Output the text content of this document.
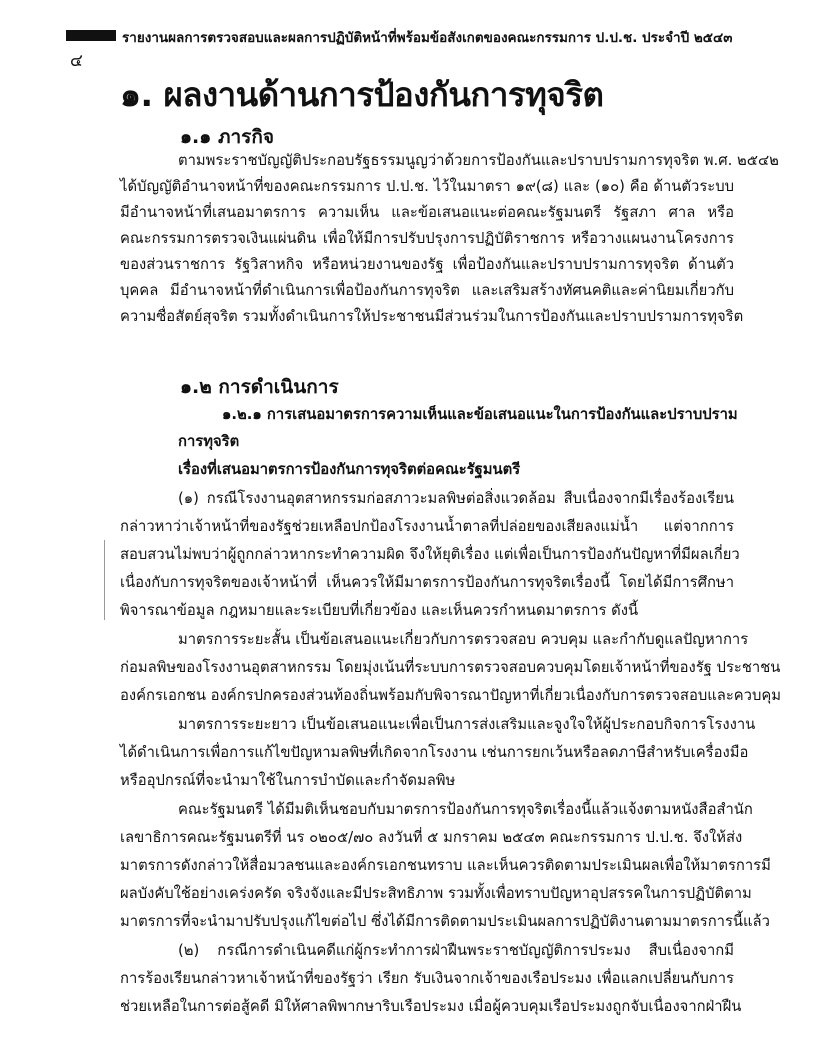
รายงานผลการตรวจสอบและผลการปฏิบัติหน้าที่พร้อมข้อสังเกตของคณะกรรมการ ป.ป.ช. ประจำปี ๒๕๔๓
๔
๑. ผลงานด้านการป้องกันการทุจริต
๑.๑ ภารกิจ
ตามพระราชบัญญัติประกอบรัฐธรรมนูญว่าด้วยการป้องกันและปราบปรามการทุจริต พ.ศ. ๒๕๔๒
ได้บัญญัติอำนาจหน้าที่ของคณะกรรมการ ป.ป.ช. ไว้ในมาตรา ๑๙(๘) และ (๑๐) คือ ด้านตัวระบบ
มีอำนาจหน้าที่เสนอมาตรการ ความเห็น และข้อเสนอแนะต่อคณะรัฐมนตรี รัฐสภา ศาล หรือ
คณะกรรมการตรวจเงินแผ่นดิน เพื่อให้มีการปรับปรุงการปฏิบัติราชการ หรือวางแผนงานโครงการ
ของส่วนราชการ รัฐวิสาหกิจ หรือหน่วยงานของรัฐ เพื่อป้องกันและปราบปรามการทุจริต ด้านตัว
บุคคล มีอำนาจหน้าที่ดำเนินการเพื่อป้องกันการทุจริต และเสริมสร้างทัศนคติและค่านิยมเกี่ยวกับ
ความซื่อสัตย์สุจริต รวมทั้งดำเนินการให้ประชาชนมีส่วนร่วมในการป้องกันและปราบปรามการทุจริต
๑.๒ การดำเนินการ
๑.๒.๑ การเสนอมาตรการความเห็นและข้อเสนอแนะในการป้องกันและปราบปราม
การทุจริต
เรื่องที่เสนอมาตรการป้องกันการทุจริตต่อคณะรัฐมนตรี
(๑) กรณีโรงงานอุตสาหกรรมก่อสภาวะมลพิษต่อสิ่งแวดล้อม สืบเนื่องจากมีเรื่องร้องเรียน
กล่าวหาว่าเจ้าหน้าที่ของรัฐช่วยเหลือปกป้องโรงงานน้ำตาลที่ปล่อยของเสียลงแม่น้ำ แต่จากการ
สอบสวนไม่พบว่าผู้ถูกกล่าวหากระทำความผิด จึงให้ยุติเรื่อง แต่เพื่อเป็นการป้องกันปัญหาที่มีผลเกี่ยว
เนื่องกับการทุจริตของเจ้าหน้าที่ เห็นควรให้มีมาตรการป้องกันการทุจริตเรื่องนี้ โดยได้มีการศึกษา
พิจารณาข้อมูล กฎหมายและระเบียบที่เกี่ยวข้อง และเห็นควรกำหนดมาตรการ ดังนี้
มาตรการระยะสั้น เป็นข้อเสนอแนะเกี่ยวกับการตรวจสอบ ควบคุม และกำกับดูแลปัญหาการ
ก่อมลพิษของโรงงานอุตสาหกรรม โดยมุ่งเน้นที่ระบบการตรวจสอบควบคุมโดยเจ้าหน้าที่ของรัฐ ประชาชน
องค์กรเอกชน องค์กรปกครองส่วนท้องถิ่นพร้อมกับพิจารณาปัญหาที่เกี่ยวเนื่องกับการตรวจสอบและควบคุม
มาตรการระยะยาว เป็นข้อเสนอแนะเพื่อเป็นการส่งเสริมและจูงใจให้ผู้ประกอบกิจการโรงงาน
ได้ดำเนินการเพื่อการแก้ไขปัญหามลพิษที่เกิดจากโรงงาน เช่นการยกเว้นหรือลดภาษีสำหรับเครื่องมือ
หรืออุปกรณ์ที่จะนำมาใช้ในการบำบัดและกำจัดมลพิษ
คณะรัฐมนตรี ได้มีมติเห็นชอบกับมาตรการป้องกันการทุจริตเรื่องนี้แล้วแจ้งตามหนังสือสำนัก
เลขาธิการคณะรัฐมนตรีที่ นร ๐๒๐๕/๗๐ ลงวันที่ ๕ มกราคม ๒๕๔๓ คณะกรรมการ ป.ป.ช. จึงให้ส่ง
มาตรการดังกล่าวให้สื่อมวลชนและองค์กรเอกชนทราบ และเห็นควรติดตามประเมินผลเพื่อให้มาตรการมี
ผลบังคับใช้อย่างเคร่งครัด จริงจังและมีประสิทธิภาพ รวมทั้งเพื่อทราบปัญหาอุปสรรคในการปฏิบัติตาม
มาตรการที่จะนำมาปรับปรุงแก้ไขต่อไป ซึ่งได้มีการติดตามประเมินผลการปฏิบัติงานตามมาตรการนี้แล้ว
(๒) กรณีการดำเนินคดีแก่ผู้กระทำการฝ่าฝืนพระราชบัญญัติการประมง สืบเนื่องจากมี
การร้องเรียนกล่าวหาเจ้าหน้าที่ของรัฐว่า เรียก รับเงินจากเจ้าของเรือประมง เพื่อแลกเปลี่ยนกับการ
ช่วยเหลือในการต่อสู้คดี มิให้ศาลพิพากษาริบเรือประมง เมื่อผู้ควบคุมเรือประมงถูกจับเนื่องจากฝ่าฝืน
